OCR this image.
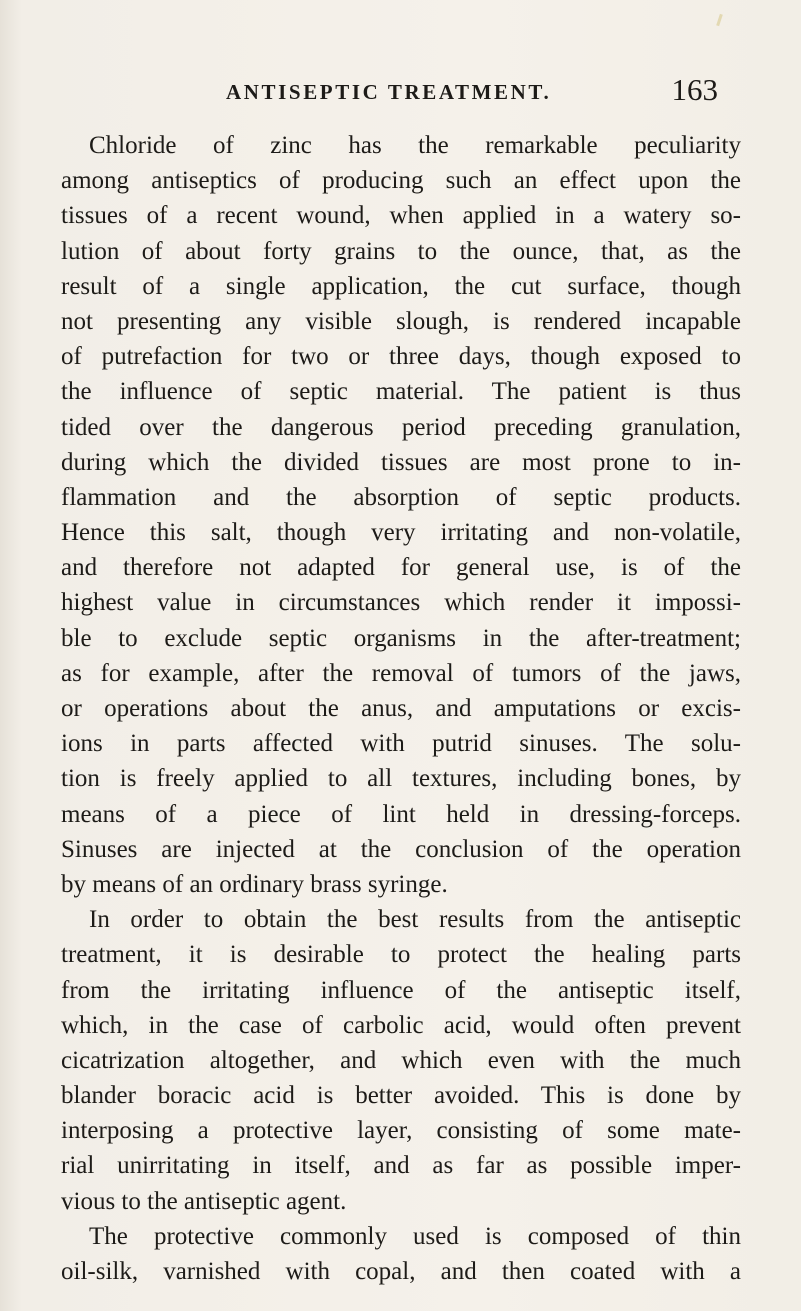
ANTISEPTIC TREATMENT.	163
Chloride of zinc has the remarkable peculiarity
among antiseptics of producing such an effect upon the
tissues of a recent wound, when applied in a watery so-
lution of about forty grains to the ounce, that, as the
result of a single application, the cut surface, though
not presenting any visible slough, is rendered incapable
of putrefaction for two or three days, though exposed to
the influence of septic material. The patient is thus
tided over the dangerous period preceding granulation,
during which the divided tissues are most prone to in-
flammation and the absorption of septic products.
Hence this salt, though very irritating and non-volatile,
and therefore not adapted for general use, is of the
highest value in circumstances which render it impossi-
ble to exclude septic organisms in the after-treatment;
as for example, after the removal of tumors of the jaws,
or operations about the anus, and amputations or excis-
ions in parts affected with putrid sinuses. The solu-
tion is freely applied to all textures, including bones, by
means of a piece of lint held in dressing-forceps.
Sinuses are injected at the conclusion of the operation
by means of an ordinary brass syringe.
In order to obtain the best results from the antiseptic
treatment, it is desirable to protect the healing parts
from the irritating influence of the antiseptic itself,
which, in the case of carbolic acid, would often prevent
cicatrization altogether, and which even with the much
blander boracic acid is better avoided. This is done by
interposing a protective layer, consisting of some mate-
rial unirritating in itself, and as far as possible imper-
vious to the antiseptic agent.
The protective commonly used is composed of thin
oil-silk, varnished with copal, and then coated with a
